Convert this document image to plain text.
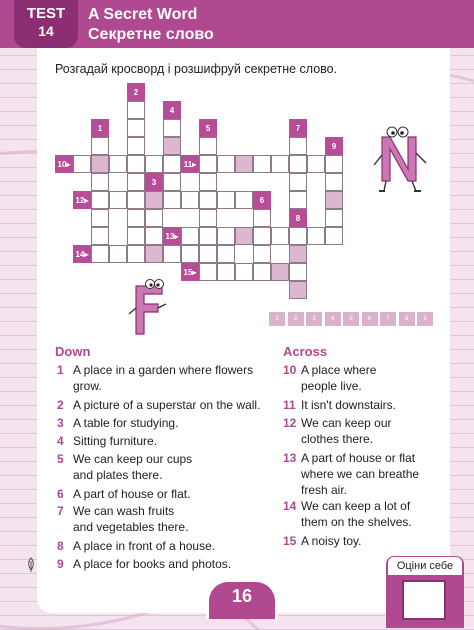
TEST
14
A Secret Word
Секретне слово
Розгадай кросворд і розшифруй секретне слово.
1
2
3
4
5
6
7
8
9
10▸	11▸
12▸
13▸
14▸
15▸
1	2	3	4	5	6	7	8	9
Down
1 A place in a garden where flowers grow.
2 A picture of a superstar on the wall.
3 A table for studying.
4 Sitting furniture.
5 We can keep our cups and plates there.
6 A part of house or flat.
7 We can wash fruits and vegetables there.
8 A place in front of a house.
9 A place for books and photos.
Across
10 A place where people live.
11 It isn't downstairs.
12 We can keep our clothes there.
13 A part of house or flat where we can breathe fresh air.
14 We can keep a lot of them on the shelves.
15 A noisy toy.
16
Оціни себе
